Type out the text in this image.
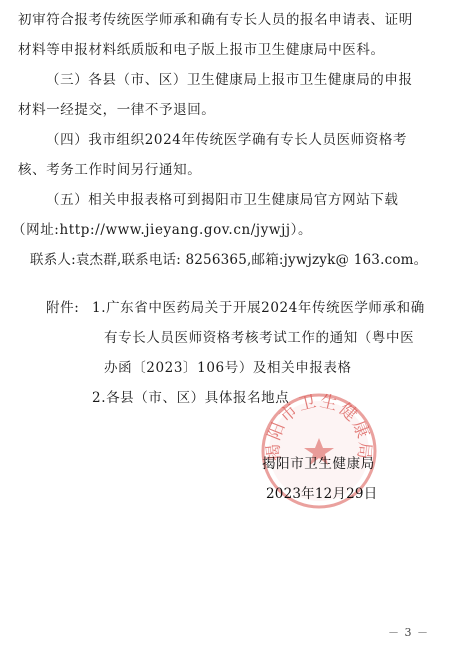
初审符合报考传统医学师承和确有专长人员的报名申请表、证明
材料等申报材料纸质版和电子版上报市卫生健康局中医科。
（三）各县（市、区）卫生健康局上报市卫生健康局的申报
材料一经提交，一律不予退回。
（四）我市组织2024年传统医学确有专长人员医师资格考
核、考务工作时间另行通知。
（五）相关申报表格可到揭阳市卫生健康局官方网站下载
（网址:http://www.jieyang.gov.cn/jywjj）。
联系人:袁杰群,联系电话: 8256365,邮箱:jywjzyk@ 163.com。
附件: 1.广东省中医药局关于开展2024年传统医学师承和确
有专长人员医师资格考核考试工作的通知（粤中医
办函〔2023〕106号）及相关申报表格
2.各县（市、区）具体报名地点
揭阳市卫生健康局
揭阳市卫生健康局
2023年12月29日
－ 3 －
